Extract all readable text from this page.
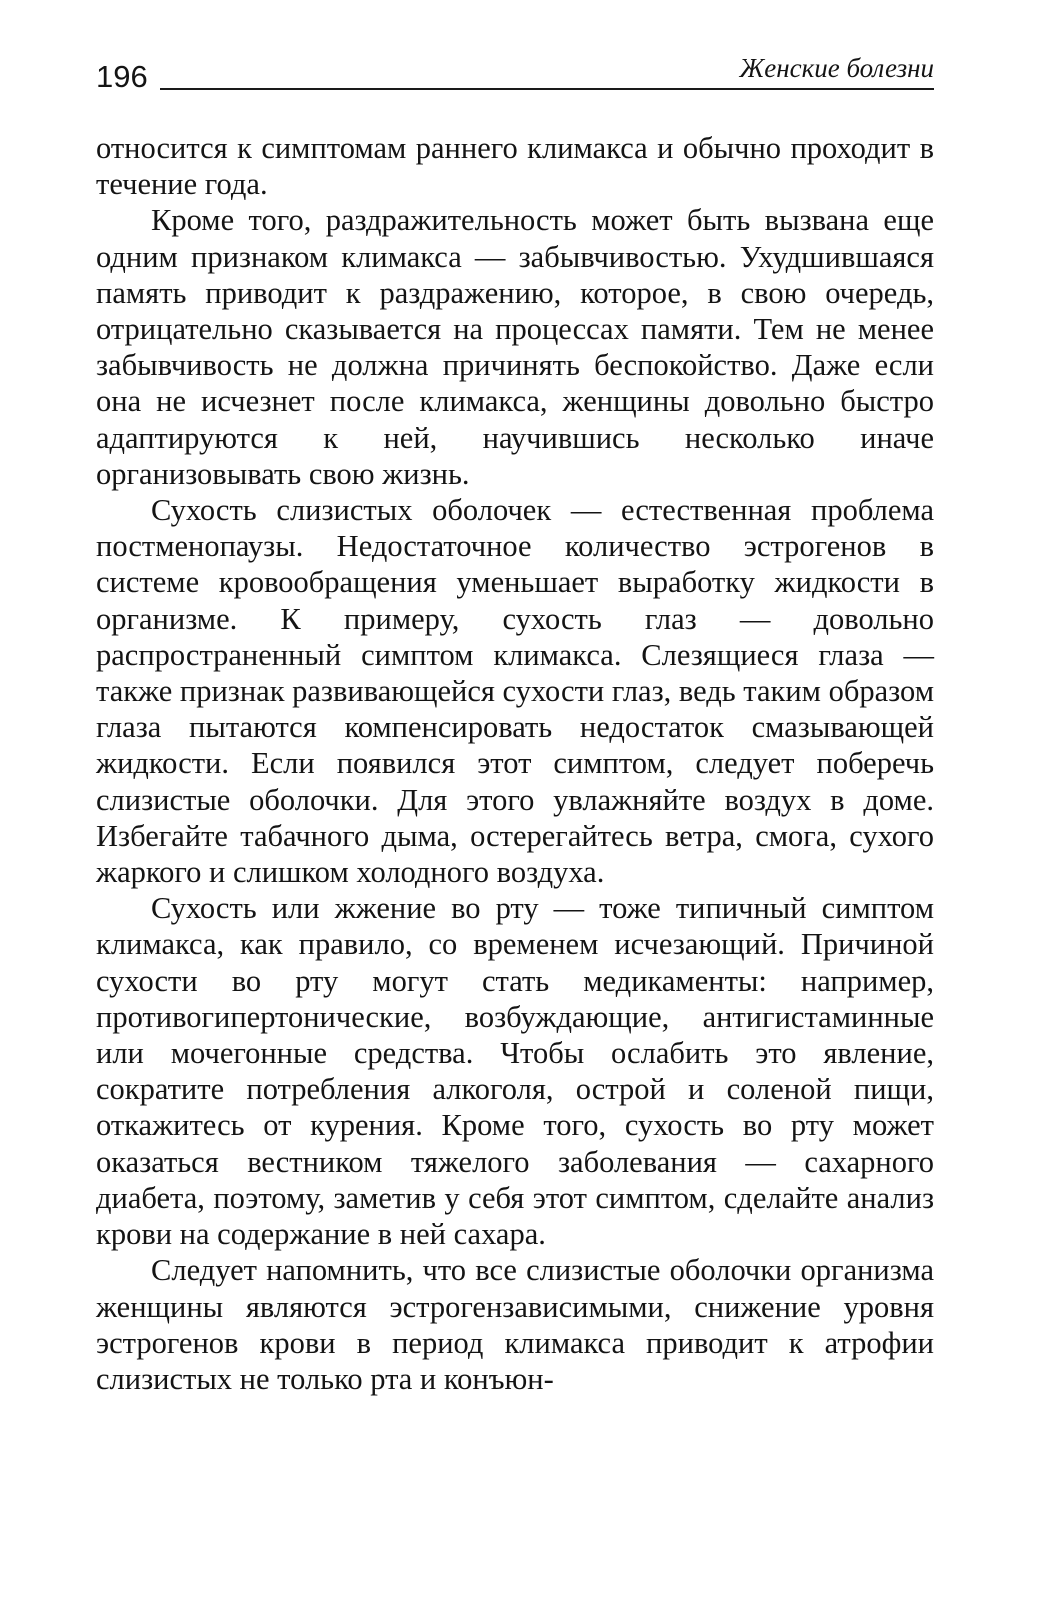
196	Женские болезни

относится к симптомам раннего климакса и обычно проходит в течение года.

Кроме того, раздражительность может быть вызвана еще одним признаком климакса — забывчивостью. Ухудшившаяся память приводит к раздражению, которое, в свою очередь, отрицательно сказывается на процессах памяти. Тем не менее забывчивость не должна причинять беспокойство. Даже если она не исчезнет после климакса, женщины довольно быстро адаптируются к ней, научившись несколько иначе организовывать свою жизнь.

Сухость слизистых оболочек — естественная проблема постменопаузы. Недостаточное количество эстрогенов в системе кровообращения уменьшает выработку жидкости в организме. К примеру, сухость глаз — довольно распространенный симптом климакса. Слезящиеся глаза — также признак развивающейся сухости глаз, ведь таким образом глаза пытаются компенсировать недостаток смазывающей жидкости. Если появился этот симптом, следует поберечь слизистые оболочки. Для этого увлажняйте воздух в доме. Избегайте табачного дыма, остерегайтесь ветра, смога, сухого жаркого и слишком холодного воздуха.

Сухость или жжение во рту — тоже типичный симптом климакса, как правило, со временем исчезающий. Причиной сухости во рту могут стать медикаменты: например, противогипертонические, возбуждающие, антигистаминные или мочегонные средства. Чтобы ослабить это явление, сократите потребления алкоголя, острой и соленой пищи, откажитесь от курения. Кроме того, сухость во рту может оказаться вестником тяжелого заболевания — сахарного диабета, поэтому, заметив у себя этот симптом, сделайте анализ крови на содержание в ней сахара.

Следует напомнить, что все слизистые оболочки организма женщины являются эстрогензависимыми, снижение уровня эстрогенов крови в период климакса приводит к атрофии слизистых не только рта и конъюн-
